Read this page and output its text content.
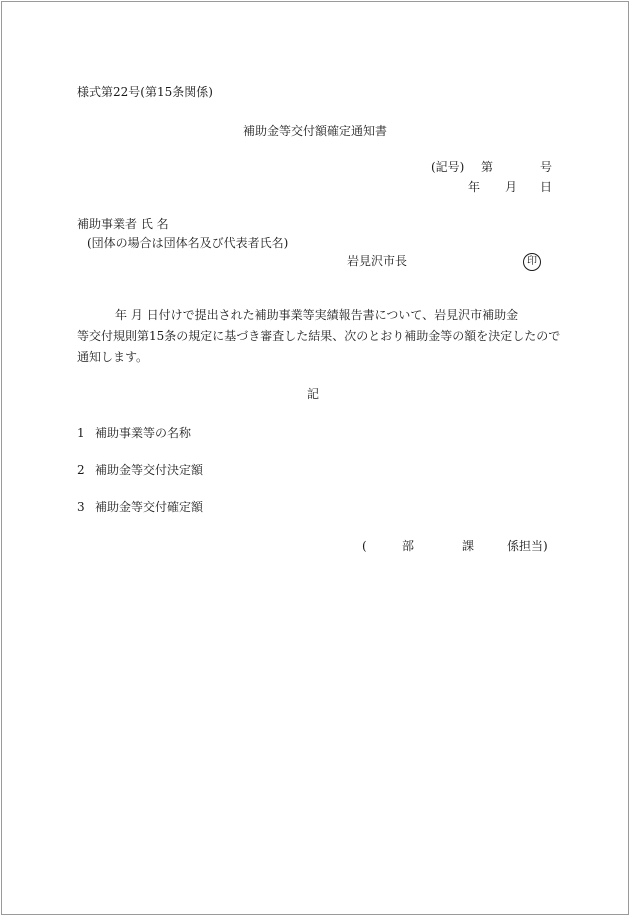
様式第22号(第15条関係)
補助金等交付額確定通知書
(記号) 第	号
年 月 日
補助事業者 氏 名
(団体の場合は団体名及び代表者氏名)
岩見沢市長	印
年 月 日付けで提出された補助事業等実績報告書について、岩見沢市補助金
等交付規則第15条の規定に基づき審査した結果、次のとおり補助金等の額を決定したので
通知します。
記
1 補助事業等の名称
2 補助金等交付決定額
3 補助金等交付確定額
(	部	課	係担当)
